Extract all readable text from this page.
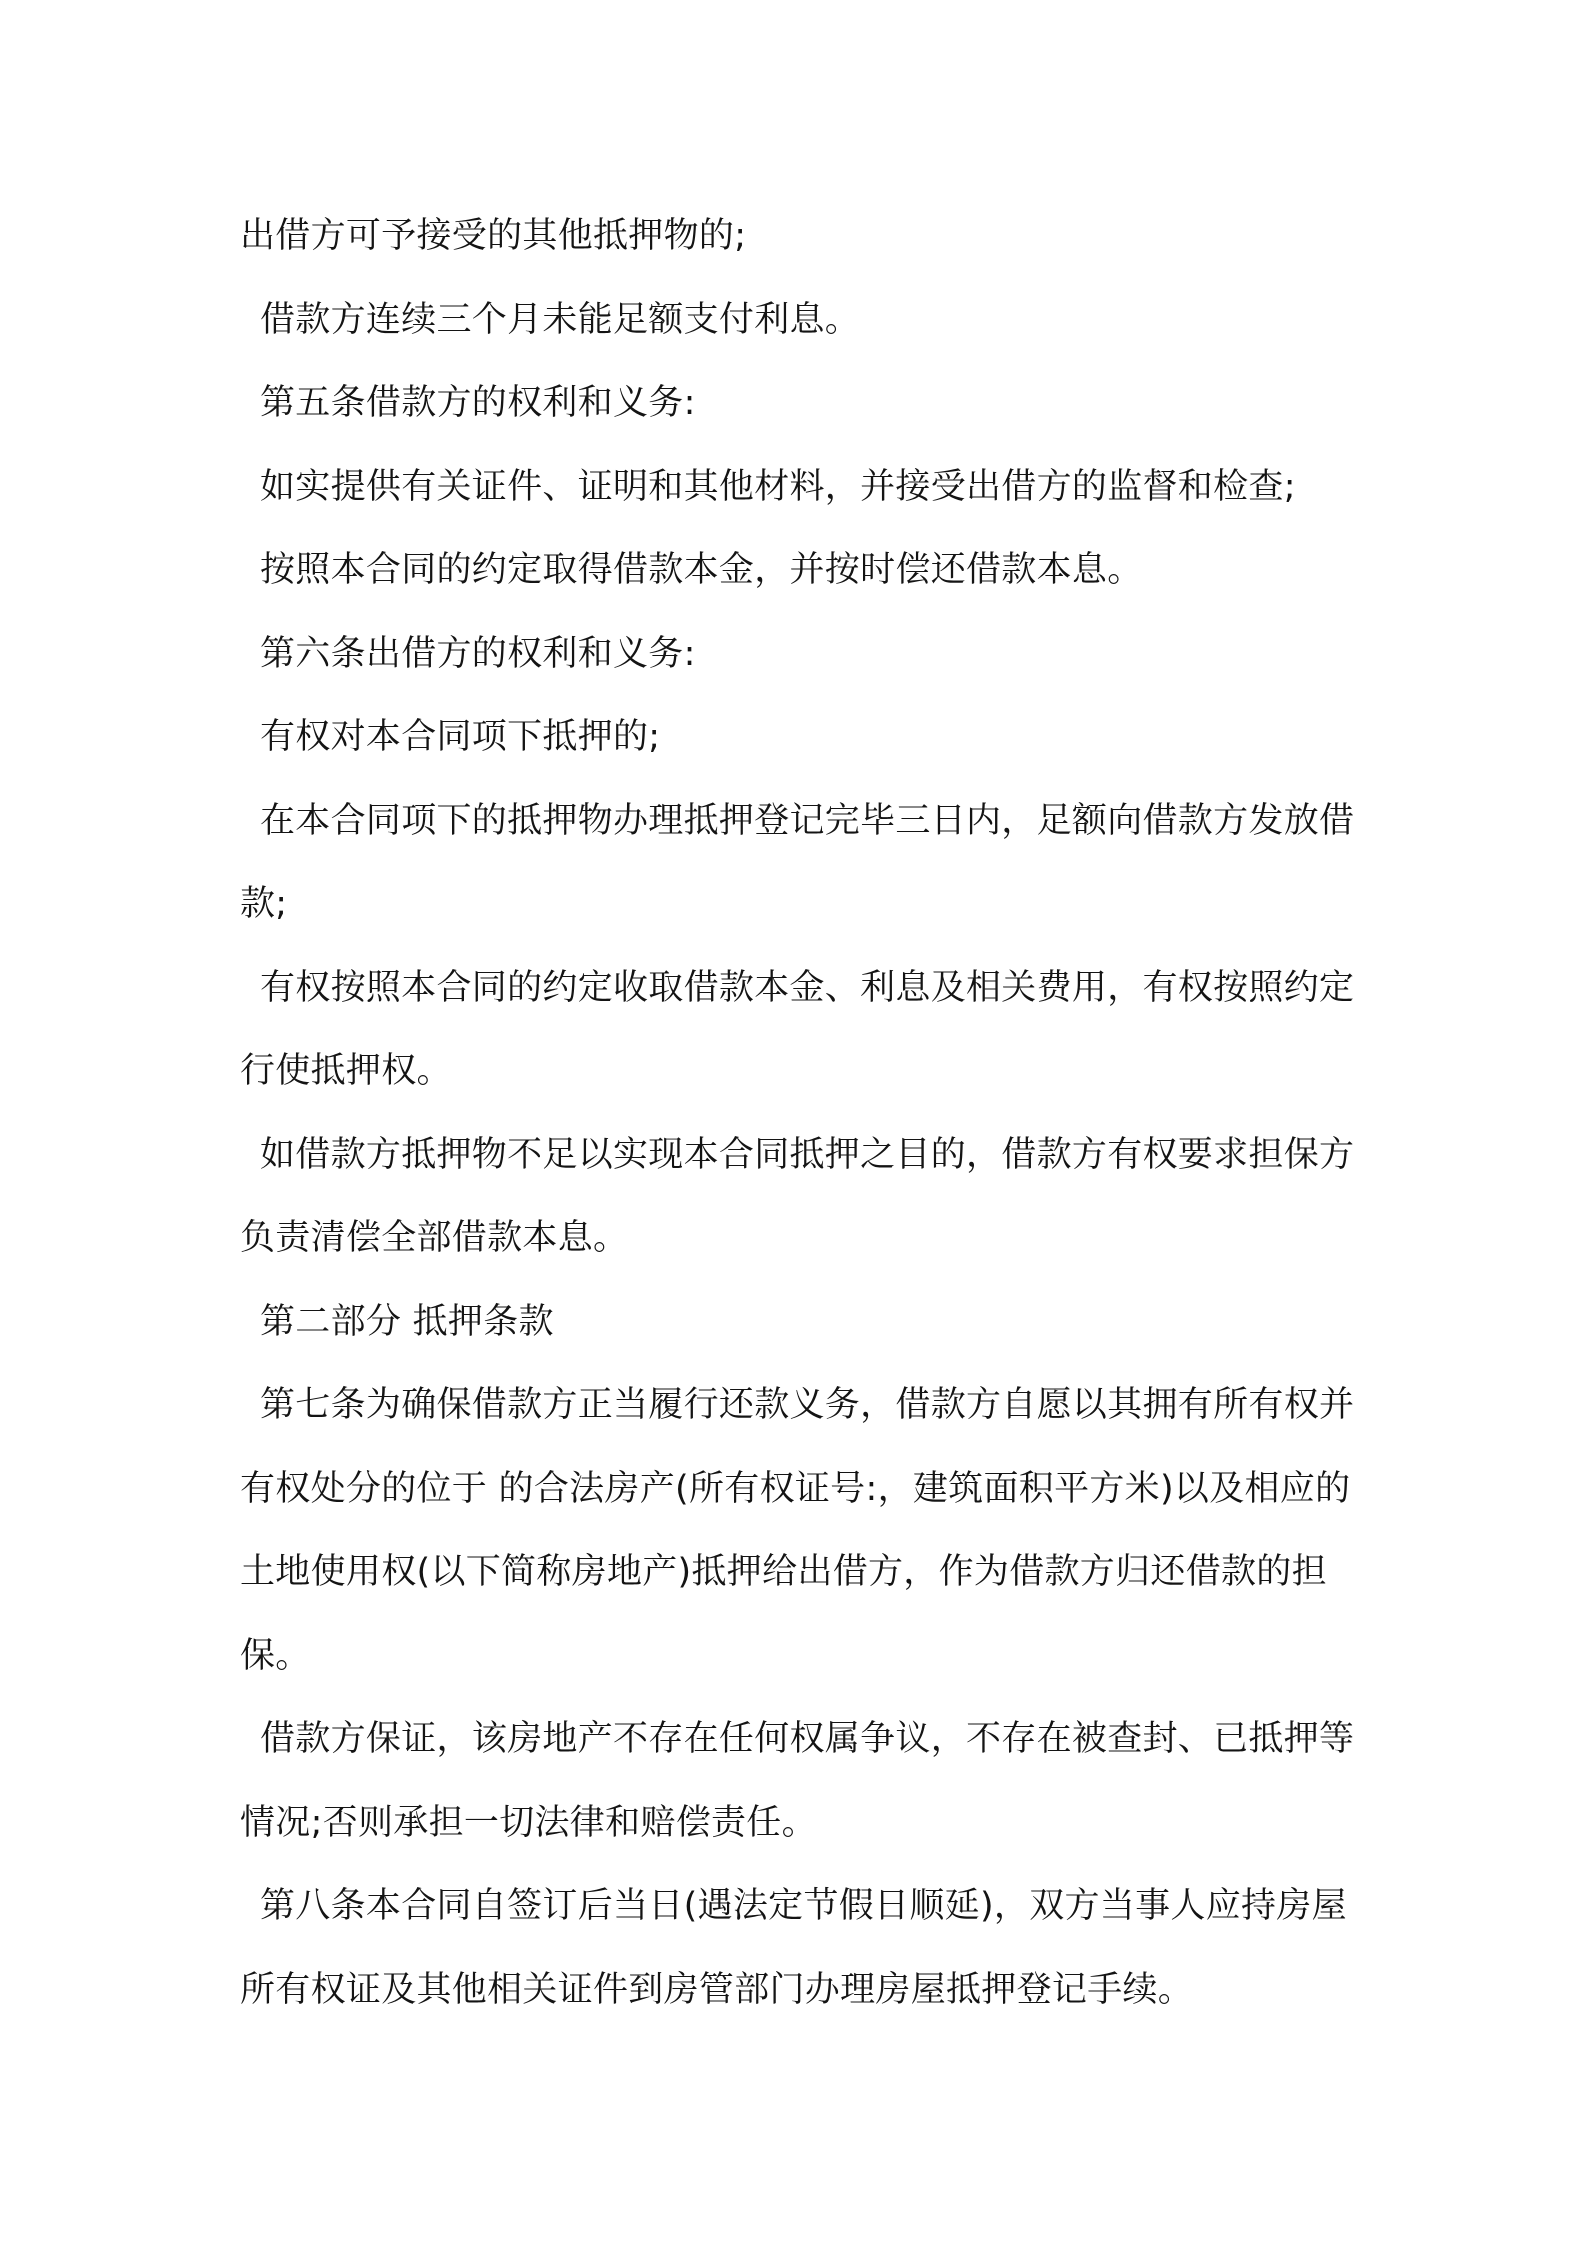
出借方可予接受的其他抵押物的;

借款方连续三个月未能足额支付利息。

第五条借款方的权利和义务:

如实提供有关证件、证明和其他材料，并接受出借方的监督和检查;

按照本合同的约定取得借款本金，并按时偿还借款本息。

第六条出借方的权利和义务:

有权对本合同项下抵押的;

在本合同项下的抵押物办理抵押登记完毕三日内，足额向借款方发放借款;

有权按照本合同的约定收取借款本金、利息及相关费用，有权按照约定行使抵押权。

如借款方抵押物不足以实现本合同抵押之目的，借款方有权要求担保方负责清偿全部借款本息。

第二部分 抵押条款

第七条为确保借款方正当履行还款义务，借款方自愿以其拥有所有权并有权处分的位于 的合法房产(所有权证号:，建筑面积平方米)以及相应的土地使用权(以下简称房地产)抵押给出借方，作为借款方归还借款的担保。

借款方保证，该房地产不存在任何权属争议，不存在被查封、已抵押等情况;否则承担一切法律和赔偿责任。

第八条本合同自签订后当日(遇法定节假日顺延)，双方当事人应持房屋所有权证及其他相关证件到房管部门办理房屋抵押登记手续。
